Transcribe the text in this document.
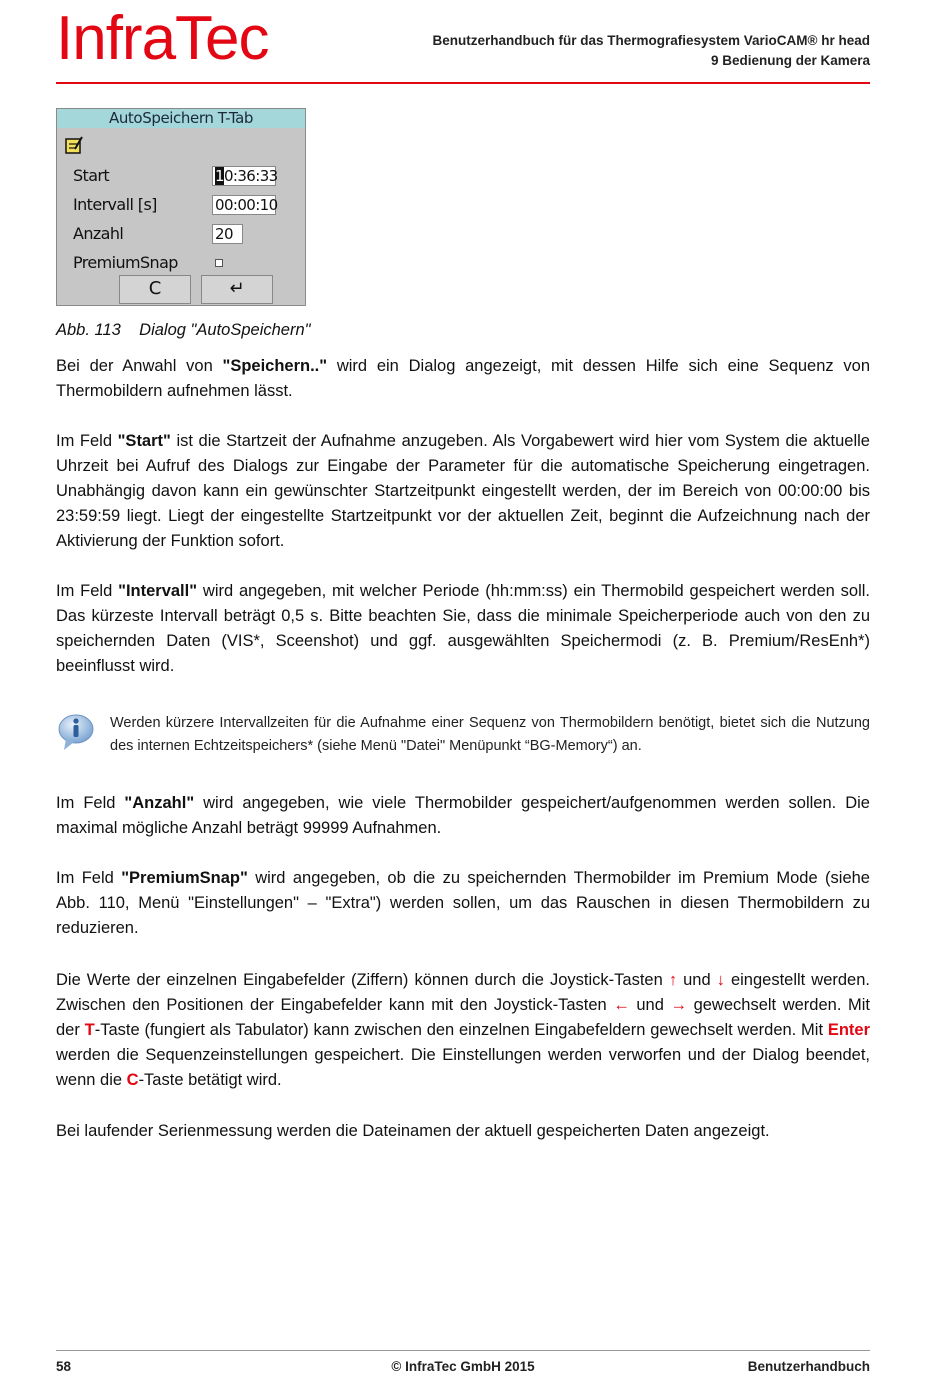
InfraTec	Benutzerhandbuch für das Thermografiesystem VarioCAM® hr head
9 Bedienung der Kamera
AutoSpeichern T-Tab
Start	10:36:33
Intervall [s]	00:00:10
Anzahl	20
PremiumSnap
C	↵
Abb. 113    Dialog "AutoSpeichern"

Bei der Anwahl von "Speichern.." wird ein Dialog angezeigt, mit dessen Hilfe sich eine Sequenz von Thermobildern aufnehmen lässt.

Im Feld "Start" ist die Startzeit der Aufnahme anzugeben. Als Vorgabewert wird hier vom System die aktuelle Uhrzeit bei Aufruf des Dialogs zur Eingabe der Parameter für die automatische Speicherung eingetragen. Unabhängig davon kann ein gewünschter Startzeitpunkt eingestellt werden, der im Bereich von 00:00:00 bis 23:59:59 liegt. Liegt der eingestellte Startzeitpunkt vor der aktuellen Zeit, beginnt die Aufzeichnung nach der Aktivierung der Funktion sofort.

Im Feld "Intervall" wird angegeben, mit welcher Periode (hh:mm:ss) ein Thermobild gespeichert werden soll. Das kürzeste Intervall beträgt 0,5 s. Bitte beachten Sie, dass die minimale Speicherperiode auch von den zu speichernden Daten (VIS*, Sceenshot) und ggf. ausgewählten Speichermodi (z. B. Premium/ResEnh*) beeinflusst wird.

Werden kürzere Intervallzeiten für die Aufnahme einer Sequenz von Thermobildern benötigt, bietet sich die Nutzung des internen Echtzeitspeichers* (siehe Menü "Datei" Menüpunkt “BG-Memory“) an.

Im Feld "Anzahl" wird angegeben, wie viele Thermobilder gespeichert/aufgenommen werden sollen. Die maximal mögliche Anzahl beträgt 99999 Aufnahmen.

Im Feld "PremiumSnap" wird angegeben, ob die zu speichernden Thermobilder im Premium Mode (siehe Abb. 110, Menü "Einstellungen" – "Extra") werden sollen, um das Rauschen in diesen Thermobildern zu reduzieren.

Die Werte der einzelnen Eingabefelder (Ziffern) können durch die Joystick-Tasten ↑ und ↓ eingestellt werden. Zwischen den Positionen der Eingabefelder kann mit den Joystick-Tasten ← und → gewechselt werden. Mit der T-Taste (fungiert als Tabulator) kann zwischen den einzelnen Eingabefeldern gewechselt werden. Mit Enter werden die Sequenzeinstellungen gespeichert. Die Einstellungen werden verworfen und der Dialog beendet, wenn die C-Taste betätigt wird.

Bei laufender Serienmessung werden die Dateinamen der aktuell gespeicherten Daten angezeigt.

58	© InfraTec GmbH 2015	Benutzerhandbuch
